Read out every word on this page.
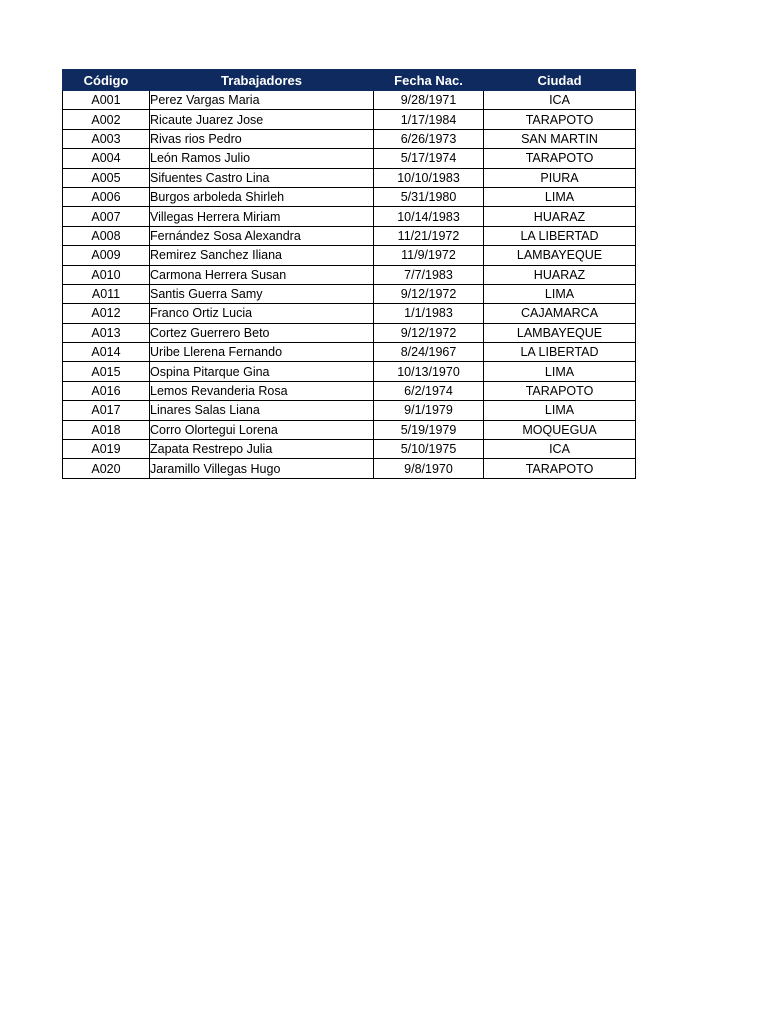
Código	Trabajadores	Fecha Nac.	Ciudad
A001	Perez Vargas Maria	9/28/1971	ICA
A002	Ricaute Juarez Jose	1/17/1984	TARAPOTO
A003	Rivas rios Pedro	6/26/1973	SAN MARTIN
A004	León Ramos Julio	5/17/1974	TARAPOTO
A005	Sifuentes Castro Lina	10/10/1983	PIURA
A006	Burgos arboleda Shirleh	5/31/1980	LIMA
A007	Villegas Herrera Miriam	10/14/1983	HUARAZ
A008	Fernández Sosa Alexandra	11/21/1972	LA LIBERTAD
A009	Remirez Sanchez Iliana	11/9/1972	LAMBAYEQUE
A010	Carmona Herrera Susan	7/7/1983	HUARAZ
A011	Santis Guerra Samy	9/12/1972	LIMA
A012	Franco Ortiz Lucia	1/1/1983	CAJAMARCA
A013	Cortez Guerrero Beto	9/12/1972	LAMBAYEQUE
A014	Uribe Llerena Fernando	8/24/1967	LA LIBERTAD
A015	Ospina Pitarque Gina	10/13/1970	LIMA
A016	Lemos Revanderia Rosa	6/2/1974	TARAPOTO
A017	Linares Salas Liana	9/1/1979	LIMA
A018	Corro Olortegui Lorena	5/19/1979	MOQUEGUA
A019	Zapata Restrepo Julia	5/10/1975	ICA
A020	Jaramillo Villegas Hugo	9/8/1970	TARAPOTO
